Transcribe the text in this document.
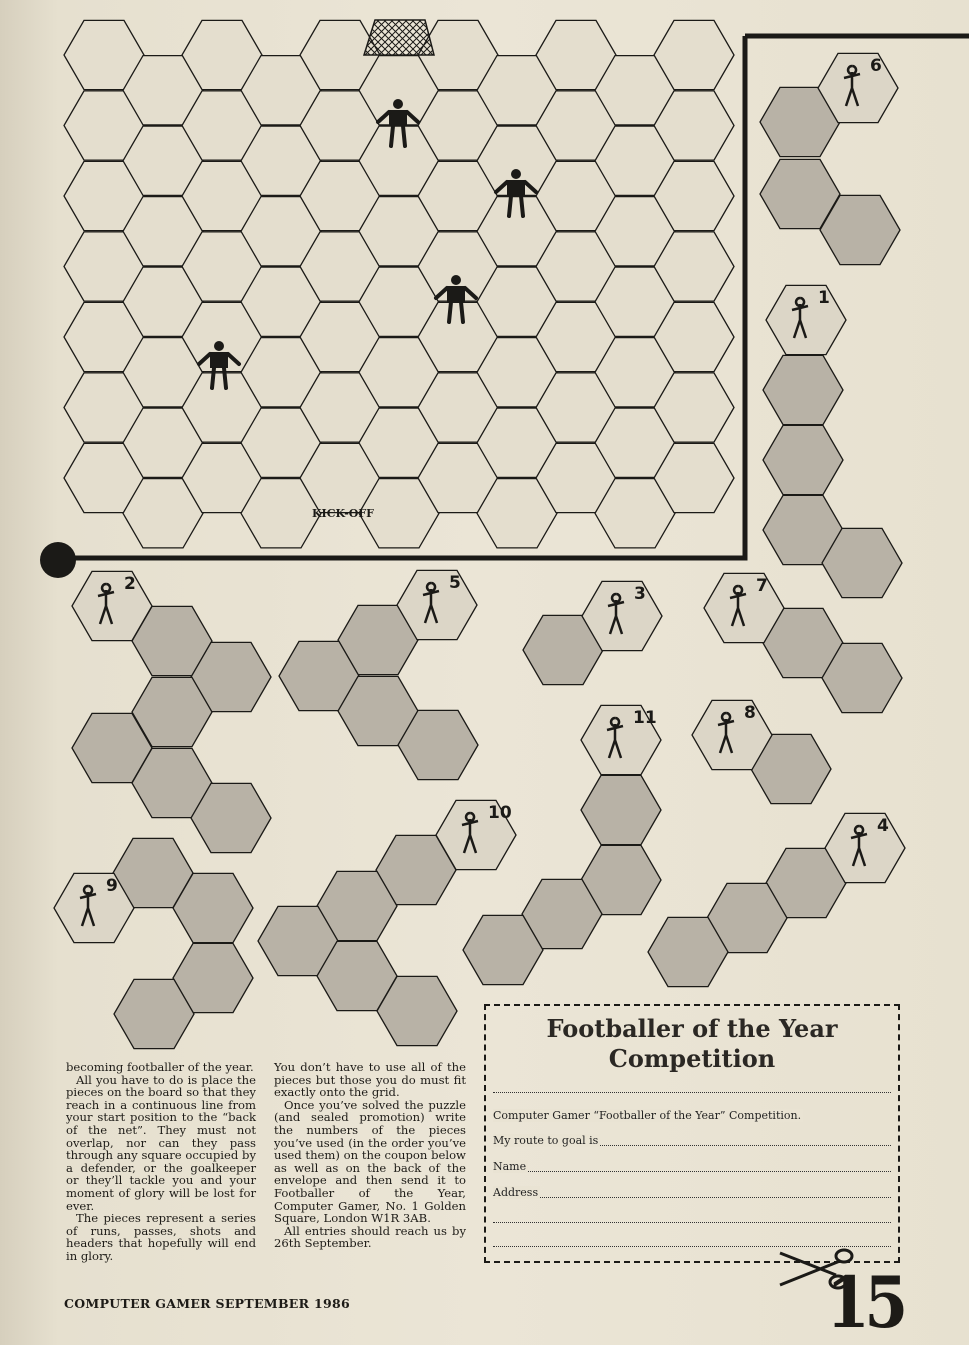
KICK-OFF
1
2	3
4
5
6
7
8
9
10
11

becoming footballer of the year.

All you have to do is place the pieces on the board so that they reach in a continuous line from your start position to the “back of the net”. They must not overlap, nor can they pass through any square occupied by a defender, or the goalkeeper or they’ll tackle you and your moment of glory will be lost for ever.

The pieces represent a series of runs, passes, shots and headers that hopefully will end in glory.

You don’t have to use all of the pieces but those you do must fit exactly onto the grid.

Once you’ve solved the puzzle (and sealed promotion) write the numbers of the pieces you’ve used (in the order you’ve used them) on the coupon below as well as on the back of the envelope and then send it to Footballer of the Year, Computer Gamer, No. 1 Golden Square, London W1R 3AB.

All entries should reach us by 26th September.

Footballer of the Year
Competition
Computer Gamer “Footballer of the Year” Competition.
My route to goal is
Name
Address
COMPUTER GAMER SEPTEMBER 1986	15
